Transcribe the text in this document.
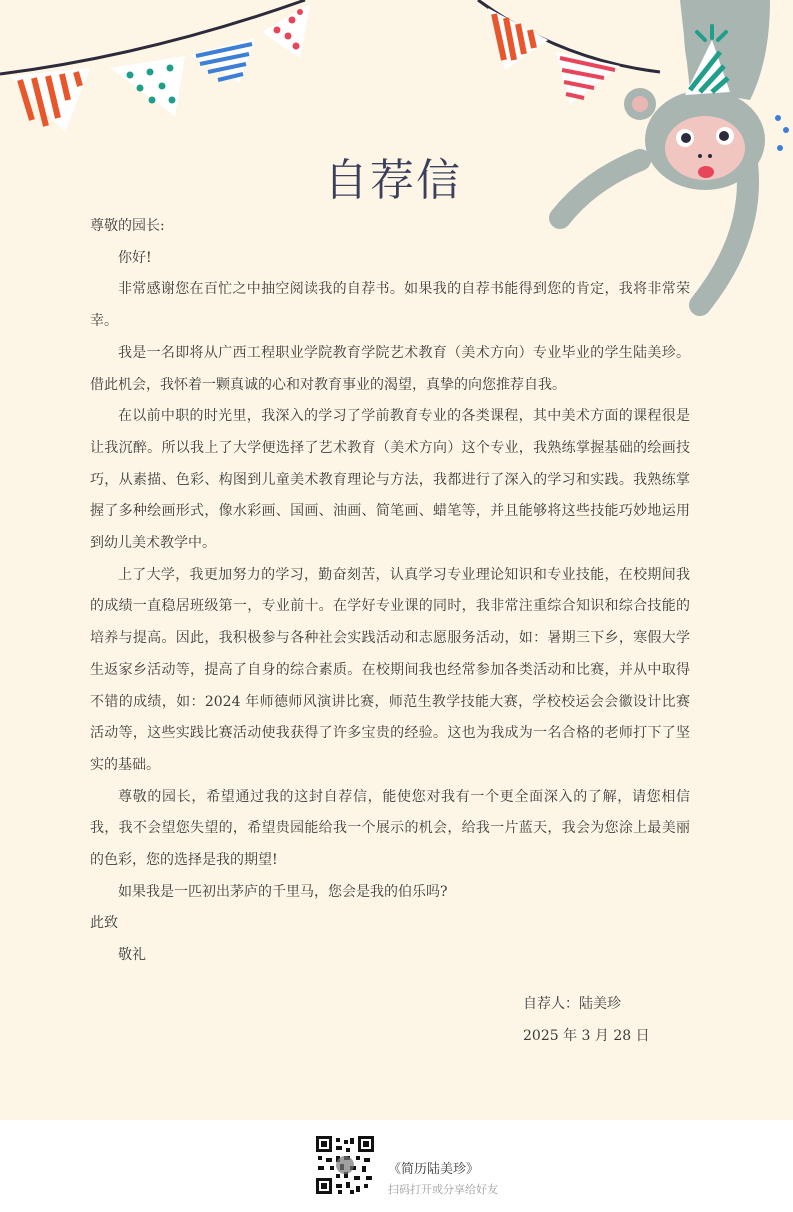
自荐信

尊敬的园长:

你好!

非常感谢您在百忙之中抽空阅读我的自荐书。如果我的自荐书能得到您的肯定，我将非常荣幸。

我是一名即将从广西工程职业学院教育学院艺术教育（美术方向）专业毕业的学生陆美珍。借此机会，我怀着一颗真诚的心和对教育事业的渴望，真挚的向您推荐自我。

在以前中职的时光里，我深入的学习了学前教育专业的各类课程，其中美术方面的课程很是让我沉醉。所以我上了大学便选择了艺术教育（美术方向）这个专业，我熟练掌握基础的绘画技巧，从素描、色彩、构图到儿童美术教育理论与方法，我都进行了深入的学习和实践。我熟练掌握了多种绘画形式，像水彩画、国画、油画、简笔画、蜡笔等，并且能够将这些技能巧妙地运用到幼儿美术教学中。

上了大学，我更加努力的学习，勤奋刻苦，认真学习专业理论知识和专业技能，在校期间我的成绩一直稳居班级第一，专业前十。在学好专业课的同时，我非常注重综合知识和综合技能的培养与提高。因此，我积极参与各种社会实践活动和志愿服务活动，如：暑期三下乡，寒假大学生返家乡活动等，提高了自身的综合素质。在校期间我也经常参加各类活动和比赛，并从中取得不错的成绩，如：2024 年师德师风演讲比赛，师范生教学技能大赛，学校校运会会徽设计比赛活动等，这些实践比赛活动使我获得了许多宝贵的经验。这也为我成为一名合格的老师打下了坚实的基础。

尊敬的园长，希望通过我的这封自荐信，能使您对我有一个更全面深入的了解，请您相信我，我不会望您失望的，希望贵园能给我一个展示的机会，给我一片蓝天，我会为您涂上最美丽的色彩，您的选择是我的期望!

如果我是一匹初出茅庐的千里马，您会是我的伯乐吗?

此致

敬礼

自荐人：陆美珍
2025 年 3 月 28 日
《简历陆美珍》
扫码打开或分享给好友
